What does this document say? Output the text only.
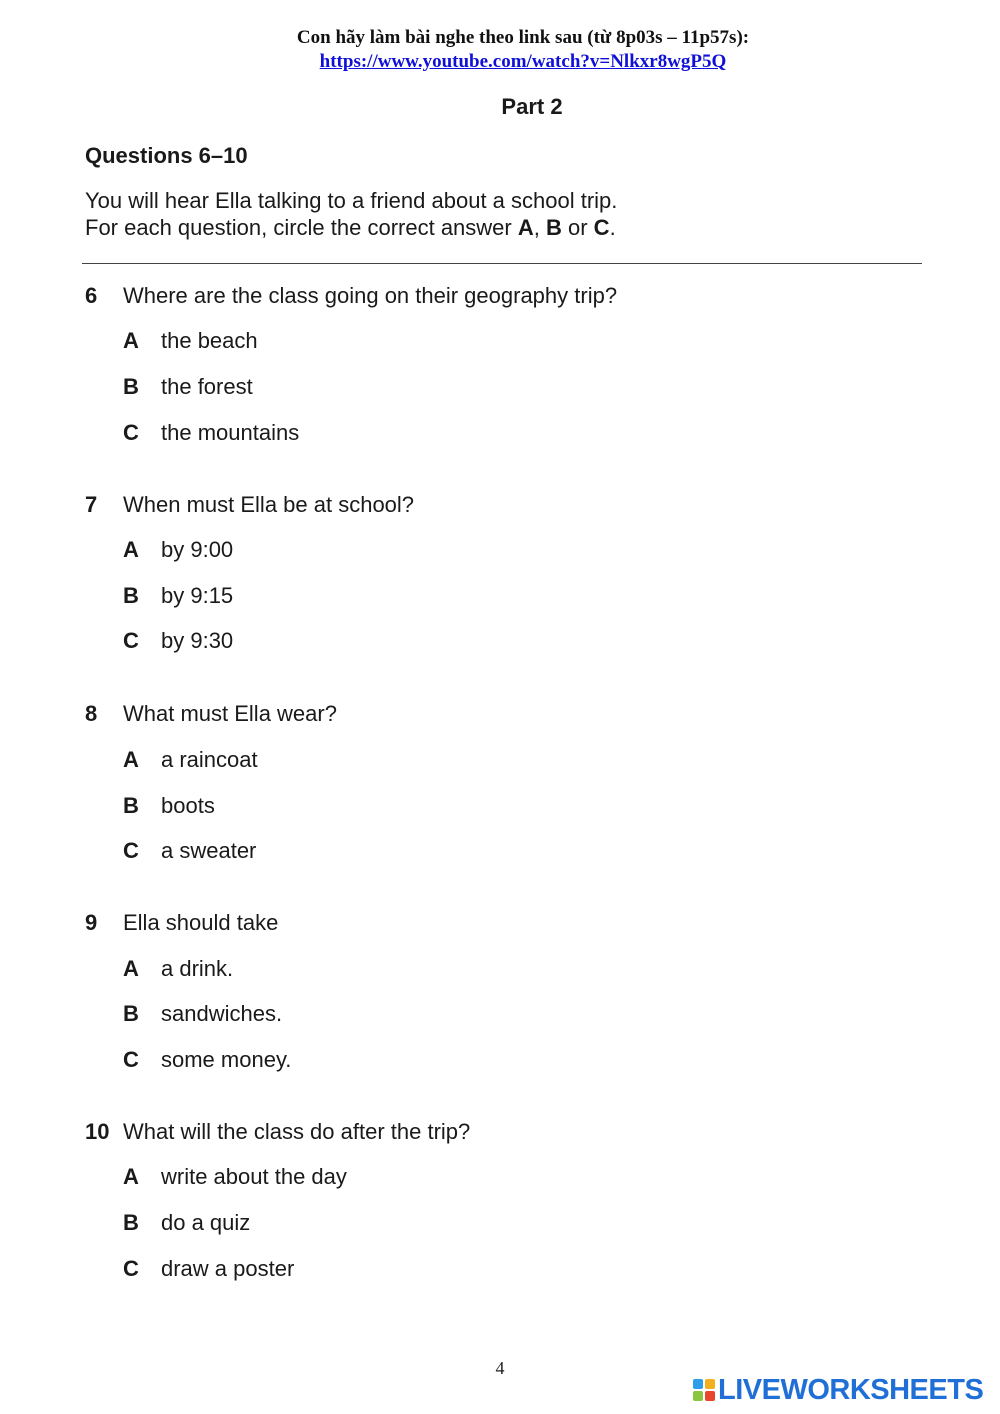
Con hãy làm bài nghe theo link sau (từ 8p03s – 11p57s):
https://www.youtube.com/watch?v=Nlkxr8wgP5Q
Part 2
Questions 6–10
You will hear Ella talking to a friend about a school trip.
For each question, circle the correct answer A, B or C.
6 Where are the class going on their geography trip?
A the beach
B the forest
C the mountains
7 When must Ella be at school?
A by 9:00
B by 9:15
C by 9:30
8 What must Ella wear?
A a raincoat
B boots
C a sweater
9 Ella should take
A a drink.
B sandwiches.
C some money.
10 What will the class do after the trip?
A write about the day
B do a quiz
C draw a poster
4
LIVEWORKSHEETS
